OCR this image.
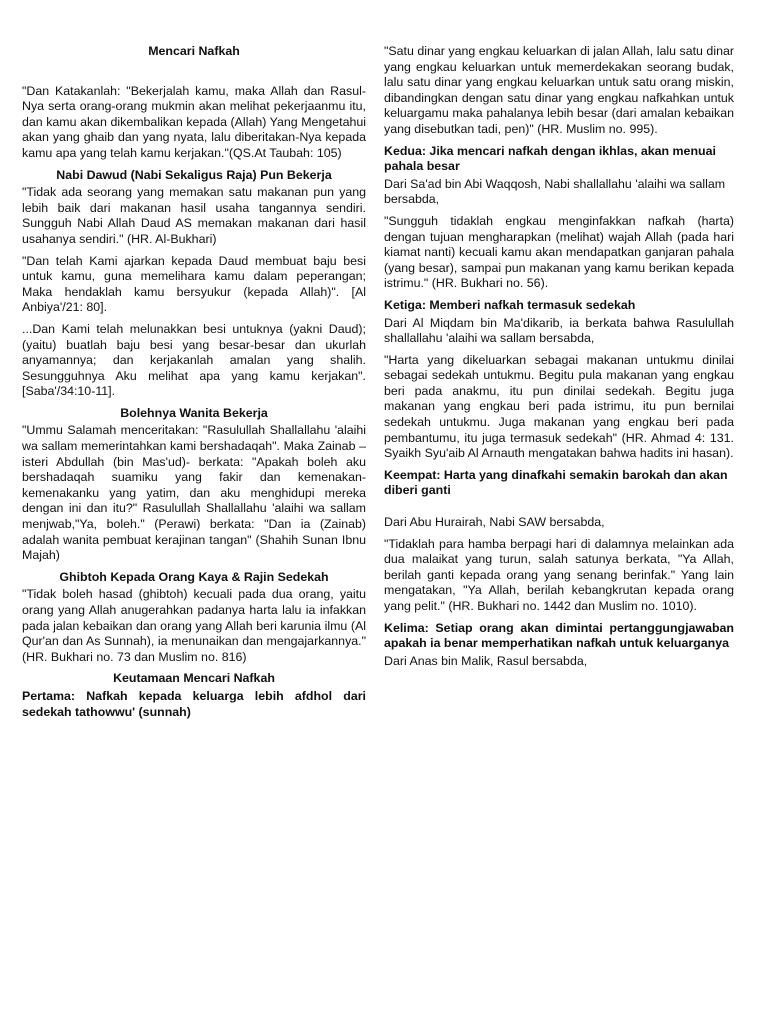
Mencari Nafkah

"Dan Katakanlah: "Bekerjalah kamu, maka Allah dan Rasul-Nya serta orang-orang mukmin akan melihat pekerjaanmu itu, dan kamu akan dikembalikan kepada (Allah) Yang Mengetahui akan yang ghaib dan yang nyata, lalu diberitakan-Nya kepada kamu apa yang telah kamu kerjakan."(QS.At Taubah: 105)

Nabi Dawud (Nabi Sekaligus Raja) Pun Bekerja

"Tidak ada seorang yang memakan satu makanan pun yang lebih baik dari makanan hasil usaha tangannya sendiri. Sungguh Nabi Allah Daud AS memakan makanan dari hasil usahanya sendiri." (HR. Al-Bukhari)

"Dan telah Kami ajarkan kepada Daud membuat baju besi untuk kamu, guna memelihara kamu dalam peperangan; Maka hendaklah kamu bersyukur (kepada Allah)". [Al Anbiya'/21: 80].

...Dan Kami telah melunakkan besi untuknya (yakni Daud); (yaitu) buatlah baju besi yang besar-besar dan ukurlah anyamannya; dan kerjakanlah amalan yang shalih. Sesungguhnya Aku melihat apa yang kamu kerjakan". [Saba'/34:10-11].

Bolehnya Wanita Bekerja

"Ummu Salamah menceritakan: "Rasulullah Shallallahu 'alaihi wa sallam memerintahkan kami bershadaqah". Maka Zainab –isteri Abdullah (bin Mas'ud)- berkata: "Apakah boleh aku bershadaqah suamiku yang fakir dan kemenakan-kemenakanku yang yatim, dan aku menghidupi mereka dengan ini dan itu?" Rasulullah Shallallahu 'alaihi wa sallam menjwab,"Ya, boleh." (Perawi) berkata: "Dan ia (Zainab) adalah wanita pembuat kerajinan tangan" (Shahih Sunan Ibnu Majah)

Ghibtoh Kepada Orang Kaya & Rajin Sedekah

"Tidak boleh hasad (ghibtoh) kecuali pada dua orang, yaitu orang yang Allah anugerahkan padanya harta lalu ia infakkan pada jalan kebaikan dan orang yang Allah beri karunia ilmu (Al Qur'an dan As Sunnah), ia menunaikan dan mengajarkannya." (HR. Bukhari no. 73 dan Muslim no. 816)

Keutamaan Mencari Nafkah
Pertama: Nafkah kepada keluarga lebih afdhol dari sedekah tathowwu' (sunnah)

"Satu dinar yang engkau keluarkan di jalan Allah, lalu satu dinar yang engkau keluarkan untuk memerdekakan seorang budak, lalu satu dinar yang engkau keluarkan untuk satu orang miskin, dibandingkan dengan satu dinar yang engkau nafkahkan untuk keluargamu maka pahalanya lebih besar (dari amalan kebaikan yang disebutkan tadi, pen)" (HR. Muslim no. 995).

Kedua: Jika mencari nafkah dengan ikhlas, akan menuai pahala besar

Dari Sa'ad bin Abi Waqqosh, Nabi shallallahu 'alaihi wa sallam bersabda,

"Sungguh tidaklah engkau menginfakkan nafkah (harta) dengan tujuan mengharapkan (melihat) wajah Allah (pada hari kiamat nanti) kecuali kamu akan mendapatkan ganjaran pahala (yang besar), sampai pun makanan yang kamu berikan kepada istrimu." (HR. Bukhari no. 56).

Ketiga: Memberi nafkah termasuk sedekah

Dari Al Miqdam bin Ma'dikarib, ia berkata bahwa Rasulullah shallallahu 'alaihi wa sallam bersabda,

"Harta yang dikeluarkan sebagai makanan untukmu dinilai sebagai sedekah untukmu. Begitu pula makanan yang engkau beri pada anakmu, itu pun dinilai sedekah. Begitu juga makanan yang engkau beri pada istrimu, itu pun bernilai sedekah untukmu. Juga makanan yang engkau beri pada pembantumu, itu juga termasuk sedekah" (HR. Ahmad 4: 131. Syaikh Syu'aib Al Arnauth mengatakan bahwa hadits ini hasan).

Keempat: Harta yang dinafkahi semakin barokah dan akan diberi ganti

Dari Abu Hurairah, Nabi SAW bersabda,

"Tidaklah para hamba berpagi hari di dalamnya melainkan ada dua malaikat yang turun, salah satunya berkata, "Ya Allah, berilah ganti kepada orang yang senang berinfak." Yang lain mengatakan, "Ya Allah, berilah kebangkrutan kepada orang yang pelit." (HR. Bukhari no. 1442 dan Muslim no. 1010).

Kelima: Setiap orang akan dimintai pertanggungjawaban apakah ia benar memperhatikan nafkah untuk keluarganya

Dari Anas bin Malik, Rasul bersabda,
